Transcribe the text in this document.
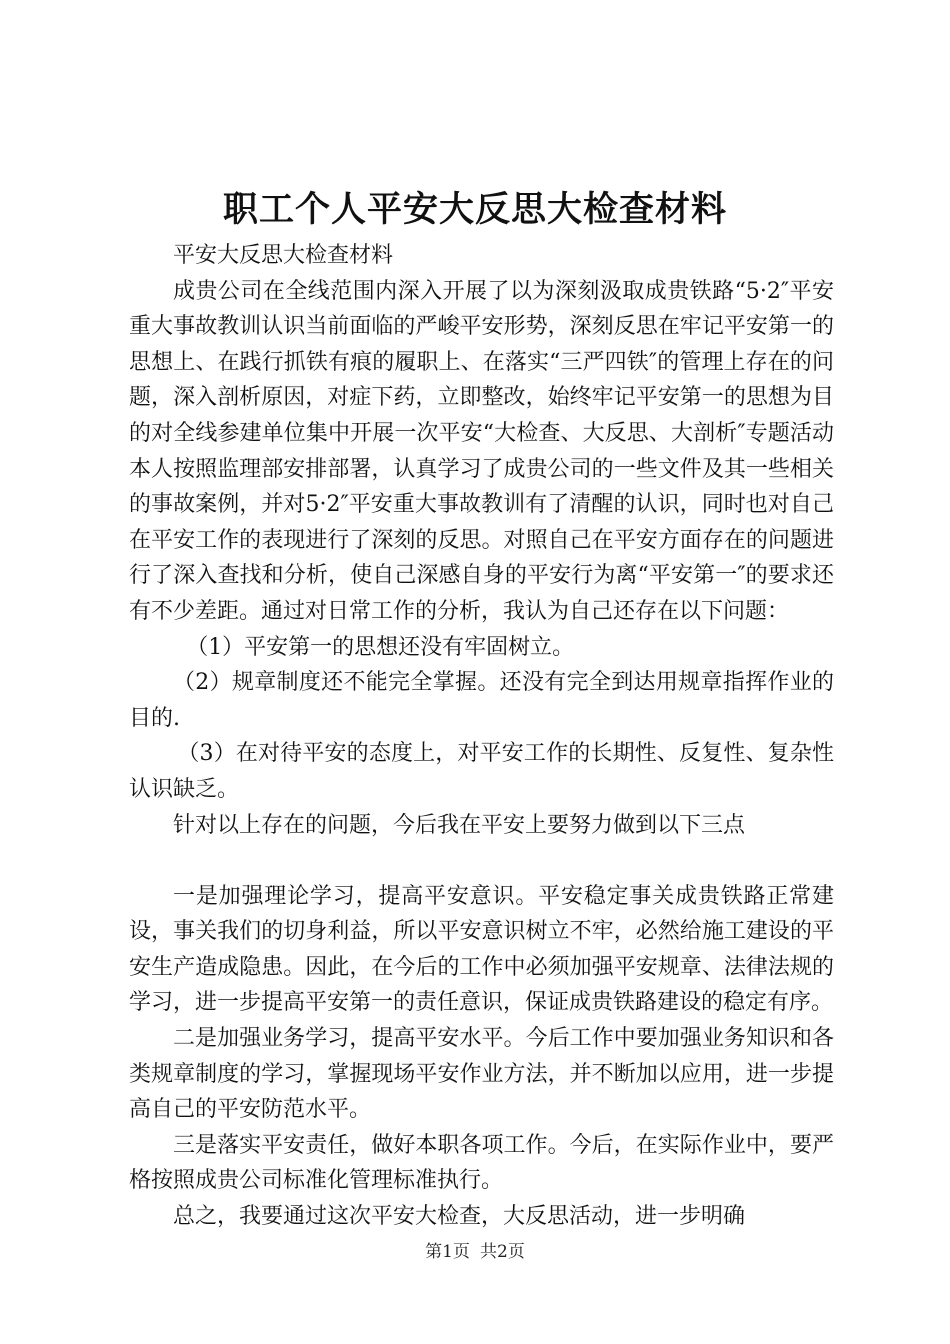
职工个人平安大反思大检查材料

平安大反思大检查材料

成贵公司在全线范围内深入开展了以为深刻汲取成贵铁路“5·2″平安重大事故教训认识当前面临的严峻平安形势，深刻反思在牢记平安第一的思想上、在践行抓铁有痕的履职上、在落实“三严四铁″的管理上存在的问题，深入剖析原因，对症下药，立即整改，始终牢记平安第一的思想为目的对全线参建单位集中开展一次平安“大检查、大反思、大剖析″专题活动本人按照监理部安排部署，认真学习了成贵公司的一些文件及其一些相关的事故案例，并对5·2″平安重大事故教训有了清醒的认识，同时也对自己在平安工作的表现进行了深刻的反思。对照自己在平安方面存在的问题进行了深入查找和分析，使自己深感自身的平安行为离“平安第一″的要求还有不少差距。通过对日常工作的分析，我认为自己还存在以下问题：

（1）平安第一的思想还没有牢固树立。

（2）规章制度还不能完全掌握。还没有完全到达用规章指挥作业的目的.

（3）在对待平安的态度上，对平安工作的长期性、反复性、复杂性认识缺乏。

针对以上存在的问题，今后我在平安上要努力做到以下三点

一是加强理论学习，提高平安意识。平安稳定事关成贵铁路正常建设，事关我们的切身利益，所以平安意识树立不牢，必然给施工建设的平安生产造成隐患。因此，在今后的工作中必须加强平安规章、法律法规的学习，进一步提高平安第一的责任意识，保证成贵铁路建设的稳定有序。

二是加强业务学习，提高平安水平。今后工作中要加强业务知识和各类规章制度的学习，掌握现场平安作业方法，并不断加以应用，进一步提高自己的平安防范水平。

三是落实平安责任，做好本职各项工作。今后，在实际作业中，要严格按照成贵公司标准化管理标准执行。

总之，我要通过这次平安大检查，大反思活动，进一步明确

第1页 共2页
